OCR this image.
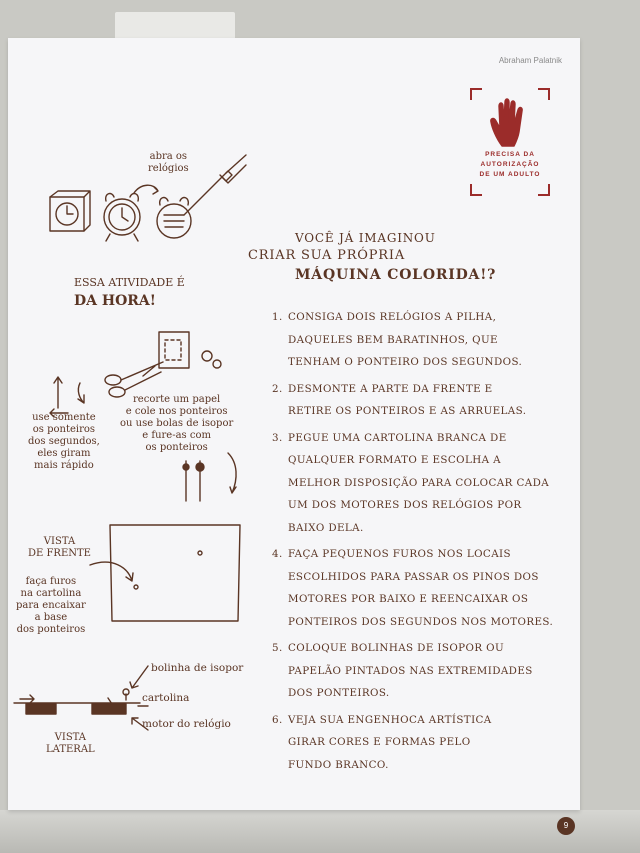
Abraham Palatnik
PRECISA DA
AUTORIZAÇÃO
DE UM ADULTO
VOCÊ JÁ IMAGINOU
CRIAR SUA PRÓPRIA
MÁQUINA COLORIDA!?
ESSA ATIVIDADE É
DA HORA!
abra os
relógios
recorte um papel
e cole nos ponteiros
ou use bolas de isopor
e fure-as com
os ponteiros
use somente
os ponteiros
dos segundos,
eles giram
mais rápido
VISTA
DE FRENTE
faça furos
na cartolina
para encaixar
a base
dos ponteiros
bolinha de isopor
cartolina
motor do relógio
VISTA
LATERAL
1. CONSIGA DOIS RELÓGIOS A PILHA,
DAQUELES BEM BARATINHOS, QUE
TENHAM O PONTEIRO DOS SEGUNDOS.
2. DESMONTE A PARTE DA FRENTE E
RETIRE OS PONTEIROS E AS ARRUELAS.
3. PEGUE UMA CARTOLINA BRANCA DE
QUALQUER FORMATO E ESCOLHA A
MELHOR DISPOSIÇÃO PARA COLOCAR CADA
UM DOS MOTORES DOS RELÓGIOS POR
BAIXO DELA.
4. FAÇA PEQUENOS FUROS NOS LOCAIS
ESCOLHIDOS PARA PASSAR OS PINOS DOS
MOTORES POR BAIXO E REENCAIXAR OS
PONTEIROS DOS SEGUNDOS NOS MOTORES.
5. COLOQUE BOLINHAS DE ISOPOR OU
PAPELÃO PINTADOS NAS EXTREMIDADES
DOS PONTEIROS.
6. VEJA SUA ENGENHOCA ARTÍSTICA
GIRAR CORES E FORMAS PELO
FUNDO BRANCO.
9
